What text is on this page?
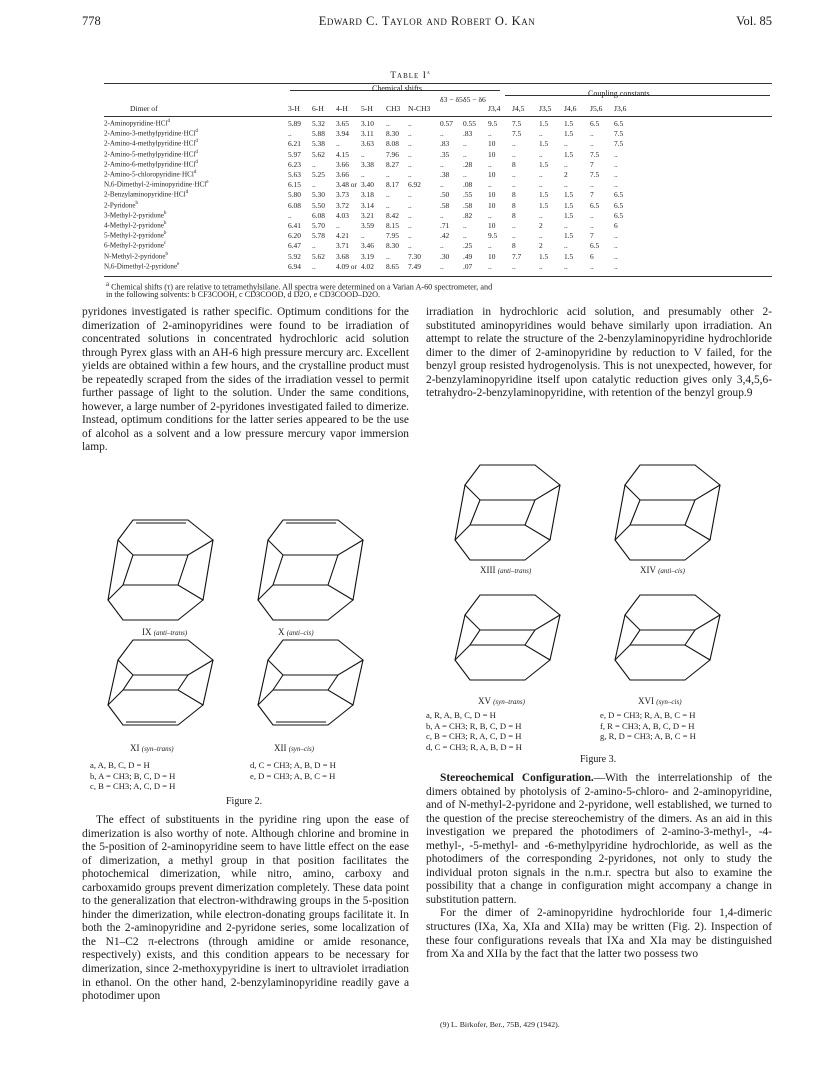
778	Edward C. Taylor and Robert O. Kan	Vol. 85
Table $I^a$
Chemical shifts
Coupling constants
Dimer of	3-H 6-H 4-H 5-H CH3 N-CH3
δ3 − δ5 δ5 − δ6
J3,4 J4,5 J3,5 J4,6 J5,6 J3,6
2-Aminopyridine·HCl$^d$	5.89	5.32	3.65	3.10	..	..	0.57	0.55	9.5	7.5	1.5	1.5	6.5	6.5
2-Amino-3-methylpyridine·HCl$^d$	..	5.88	3.94	3.11	8.30	..	..	.83	..	7.5	..	1.5	..	7.5
2-Amino-4-methylpyridine·HCl$^d$	6.21	5.38	..	3.63	8.08	..	.83	..	10	..	1.5	..	..	7.5
2-Amino-5-methylpyridine·HCl$^d$	5.97	5.62	4.15	..	7.96	..	.35	..	10	..	..	1.5	7.5	..
2-Amino-6-methylpyridine·HCl$^d$	6.23	..	3.66	3.38	8.27	..	..	.28	..	8	1.5	..	7	..
2-Amino-5-chloropyridine·HCl$^d$	5.63	5.25	3.66	..	..	..	.38	..	10	..	..	2	7.5	..
N,6-Dimethyl-2-iminopyridine·HCl$^e$	6.15	..	3.48 or 3.40	8.17	6.92	..	.08	..	..	..	..	..	..
2-Benzylaminopyridine·HCl$^d$	5.80	5.30	3.73	3.18	..	..	.50	.55	10	8	1.5	1.5	7	6.5
2-Pyridone$^b$	6.08	5.50	3.72	3.14	..	..	.58	.58	10	8	1.5	1.5	6.5	6.5
3-Methyl-2-pyridone$^b$	..	6.08	4.03	3.21	8.42	..	..	.82	..	8	..	1.5	..	6.5
4-Methyl-2-pyridone$^b$	6.41	5.70	..	3.59	8.15	..	.71	..	10	..	2	..	..	6
5-Methyl-2-pyridone$^b$	6.20	5.78	4.21	..	7.95	..	.42	..	9.5	..	..	1.5	7	..
6-Methyl-2-pyridone$^c$	6.47	..	3.71	3.46	8.30	..	..	.25	..	8	2	..	6.5	..
N-Methyl-2-pyridone$^b$	5.92	5.62	3.68	3.19	..	7.30	.30	.49	10	7.7	1.5	1.5	6	..
N,6-Dimethyl-2-pyridone$^e$	6.94	..	4.09 or 4.02	8.65	7.49	..	.07	..	..	..	..	..	..
$^a$ Chemical shifts (τ) are relative to tetramethylsilane. All spectra were determined on a Varian A-60 spectrometer, and
in the following solvents: b CF3COOH, c CD3COOD, d D2O, e CD3COOD–D2O.

pyridones investigated is rather specific. Optimum conditions for the dimerization of 2-aminopyridines were found to be irradiation of concentrated solutions in concentrated hydrochloric acid solution through Pyrex glass with an AH-6 high pressure mercury arc. Excellent yields are obtained within a few hours, and the crystalline product must be repeatedly scraped from the sides of the irradiation vessel to permit further passage of light to the solution. Under the same conditions, however, a large number of 2-pyridones investigated failed to dimerize. Instead, optimum conditions for the latter series appeared to be the use of alcohol as a solvent and a low pressure mercury vapor immersion lamp.

IX (anti–trans)	X (anti–cis)
XI (syn–trans)	XII (syn–cis)
a, A, B, C, D = H
b, A = CH3; B, C, D = H
c, B = CH3; A, C, D = H
d, C = CH3; A, B, D = H
e, D = CH3; A, B, C = H
Figure 2.

The effect of substituents in the pyridine ring upon the ease of dimerization is also worthy of note. Although chlorine and bromine in the 5-position of 2-aminopyridine seem to have little effect on the ease of dimerization, a methyl group in that position facilitates the photochemical dimerization, while nitro, amino, carboxy and carboxamido groups prevent dimerization completely. These data point to the generalization that electron-withdrawing groups in the 5-position hinder the dimerization, while electron-donating groups facilitate it. In both the 2-aminopyridine and 2-pyridone series, some localization of the N1–C2 π-electrons (through amidine or amide resonance, respectively) exists, and this condition appears to be necessary for dimerization, since 2-methoxypyridine is inert to ultraviolet irradiation in ethanol. On the other hand, 2-benzylaminopyridine readily gave a photodimer upon

irradiation in hydrochloric acid solution, and presumably other 2-substituted aminopyridines would behave similarly upon irradiation. An attempt to relate the structure of the 2-benzylaminopyridine hydrochloride dimer to the dimer of 2-aminopyridine by reduction to V failed, for the benzyl group resisted hydrogenolysis. This is not unexpected, however, for 2-benzylaminopyridine itself upon catalytic reduction gives only 3,4,5,6-tetrahydro-2-benzylaminopyridine, with retention of the benzyl group.9

XIII (anti–trans)	XIV (anti–cis)
XV (syn–trans)	XVI (syn–cis)
a, R, A, B, C, D = H
b, A = CH3; R, B, C, D = H
c, B = CH3; R, A, C, D = H
d, C = CH3; R, A, B, D = H
e, D = CH3; R, A, B, C = H
f, R = CH3; A, B, C, D = H
g, R, D = CH3; A, B, C = H
Figure 3.

Stereochemical Configuration.—With the interrelationship of the dimers obtained by photolysis of 2-amino-5-chloro- and 2-aminopyridine, and of N-methyl-2-pyridone and 2-pyridone, well established, we turned to the question of the precise stereochemistry of the dimers. As an aid in this investigation we prepared the photodimers of 2-amino-3-methyl-, -4-methyl-, -5-methyl- and -6-methylpyridine hydrochloride, as well as the photodimers of the corresponding 2-pyridones, not only to study the individual proton signals in the n.m.r. spectra but also to examine the possibility that a change in configuration might accompany a change in substitution pattern.

For the dimer of 2-aminopyridine hydrochloride four 1,4-dimeric structures (IXa, Xa, XIa and XIIa) may be written (Fig. 2). Inspection of these four configurations reveals that IXa and XIa may be distinguished from Xa and XIIa by the fact that the latter two possess two

(9) L. Birkofer, Ber., 75B, 429 (1942).
